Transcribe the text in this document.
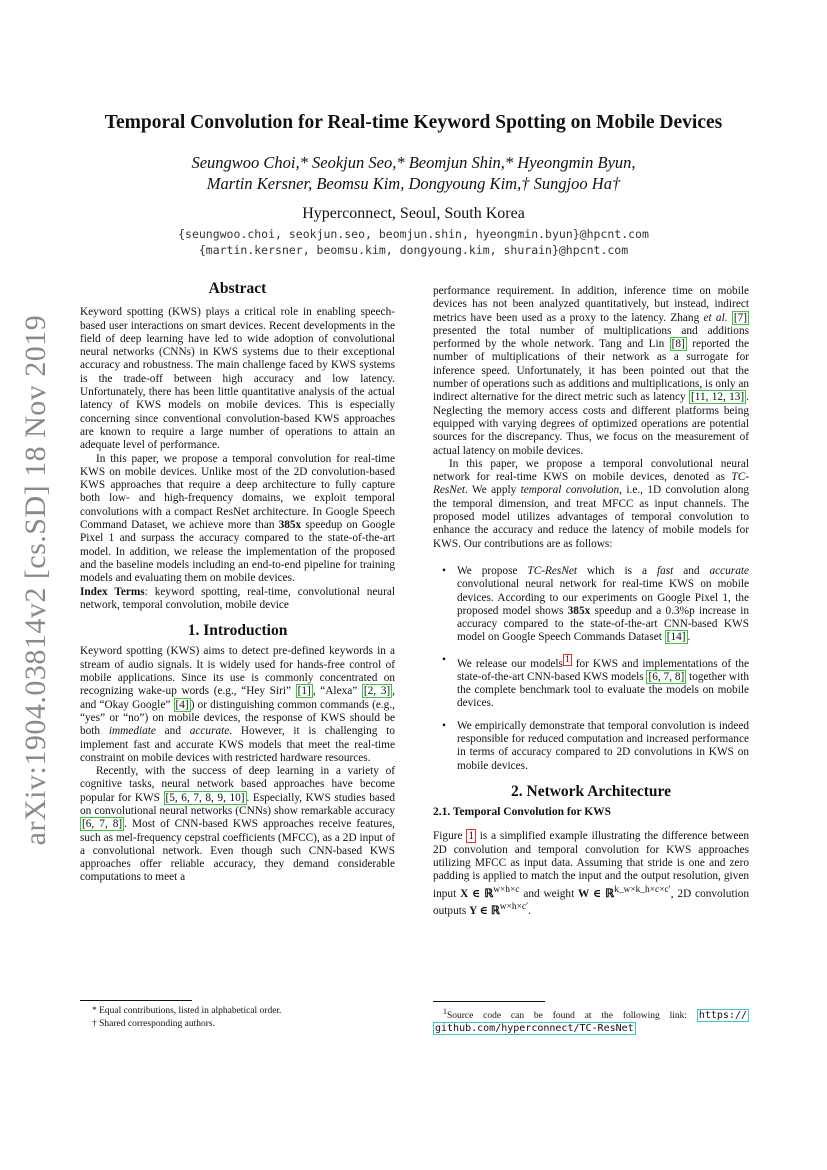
arXiv:1904.03814v2 [cs.SD] 18 Nov 2019
Temporal Convolution for Real-time Keyword Spotting on Mobile Devices
Seungwoo Choi,* Seokjun Seo,* Beomjun Shin,* Hyeongmin Byun,
Martin Kersner, Beomsu Kim, Dongyoung Kim,† Sungjoo Ha†
Hyperconnect, Seoul, South Korea
{seungwoo.choi, seokjun.seo, beomjun.shin, hyeongmin.byun}@hpcnt.com
{martin.kersner, beomsu.kim, dongyoung.kim, shurain}@hpcnt.com
Abstract

Keyword spotting (KWS) plays a critical role in enabling speech-based user interactions on smart devices. Recent developments in the field of deep learning have led to wide adoption of convolutional neural networks (CNNs) in KWS systems due to their exceptional accuracy and robustness. The main challenge faced by KWS systems is the trade-off between high accuracy and low latency. Unfortunately, there has been little quantitative analysis of the actual latency of KWS models on mobile devices. This is especially concerning since conventional convolution-based KWS approaches are known to require a large number of operations to attain an adequate level of performance.

In this paper, we propose a temporal convolution for real-time KWS on mobile devices. Unlike most of the 2D convolution-based KWS approaches that require a deep architecture to fully capture both low- and high-frequency domains, we exploit temporal convolutions with a compact ResNet architecture. In Google Speech Command Dataset, we achieve more than 385x speedup on Google Pixel 1 and surpass the accuracy compared to the state-of-the-art model. In addition, we release the implementation of the proposed and the baseline models including an end-to-end pipeline for training models and evaluating them on mobile devices.

Index Terms: keyword spotting, real-time, convolutional neural network, temporal convolution, mobile device

1. Introduction

Keyword spotting (KWS) aims to detect pre-defined keywords in a stream of audio signals. It is widely used for hands-free control of mobile applications. Since its use is commonly concentrated on recognizing wake-up words (e.g., “Hey Siri” [1] , “Alexa” [2, 3] , and “Okay Google” [4] ) or distinguishing common commands (e.g., “yes” or “no”) on mobile devices, the response of KWS should be both immediate and accurate. However, it is challenging to implement fast and accurate KWS models that meet the real-time constraint on mobile devices with restricted hardware resources.

Recently, with the success of deep learning in a variety of cognitive tasks, neural network based approaches have become popular for KWS [5, 6, 7, 8, 9, 10] . Especially, KWS studies based on convolutional neural networks (CNNs) show remarkable accuracy [6, 7, 8] . Most of CNN-based KWS approaches receive features, such as mel-frequency cepstral coefficients (MFCC), as a 2D input of a convolutional network. Even though such CNN-based KWS approaches offer reliable accuracy, they demand considerable computations to meet a

performance requirement. In addition, inference time on mobile devices has not been analyzed quantitatively, but instead, indirect metrics have been used as a proxy to the latency. Zhang et al. [7] presented the total number of multiplications and additions performed by the whole network. Tang and Lin [8] reported the number of multiplications of their network as a surrogate for inference speed. Unfortunately, it has been pointed out that the number of operations such as additions and multiplications, is only an indirect alternative for the direct metric such as latency [11, 12, 13] . Neglecting the memory access costs and different platforms being equipped with varying degrees of optimized operations are potential sources for the discrepancy. Thus, we focus on the measurement of actual latency on mobile devices.

In this paper, we propose a temporal convolutional neural network for real-time KWS on mobile devices, denoted as TC-ResNet. We apply temporal convolution, i.e., 1D convolution along the temporal dimension, and treat MFCC as input channels. The proposed model utilizes advantages of temporal convolution to enhance the accuracy and reduce the latency of mobile models for KWS. Our contributions are as follows:

• We propose TC-ResNet which is a fast and accurate convolutional neural network for real-time KWS on mobile devices. According to our experiments on Google Pixel 1, the proposed model shows 385x speedup and a 0.3%p increase in accuracy compared to the state-of-the-art CNN-based KWS model on Google Speech Commands Dataset [14] .
• We release our models $^1$ for KWS and implementations of the state-of-the-art CNN-based KWS models [6, 7, 8] together with the complete benchmark tool to evaluate the models on mobile devices.
• We empirically demonstrate that temporal convolution is indeed responsible for reduced computation and increased performance in terms of accuracy compared to 2D convolutions in KWS on mobile devices.
2. Network Architecture
2.1. Temporal Convolution for KWS

Figure 1 is a simplified example illustrating the difference between 2D convolution and temporal convolution for KWS approaches utilizing MFCC as input data. Assuming that stride is one and zero padding is applied to match the input and the output resolution, given input X ∈ ℝ$^{w\times h\times c}$ and weight W ∈ ℝ$^{k\_w\times k\_h\times c\times c'}$, 2D convolution outputs Y ∈ ℝ$^{w\times h\times c'}$.

* Equal contributions, listed in alphabetical order.
† Shared corresponding authors.
$^1$Source code can be found at the following link: https:// github.com/hyperconnect/TC-ResNet
